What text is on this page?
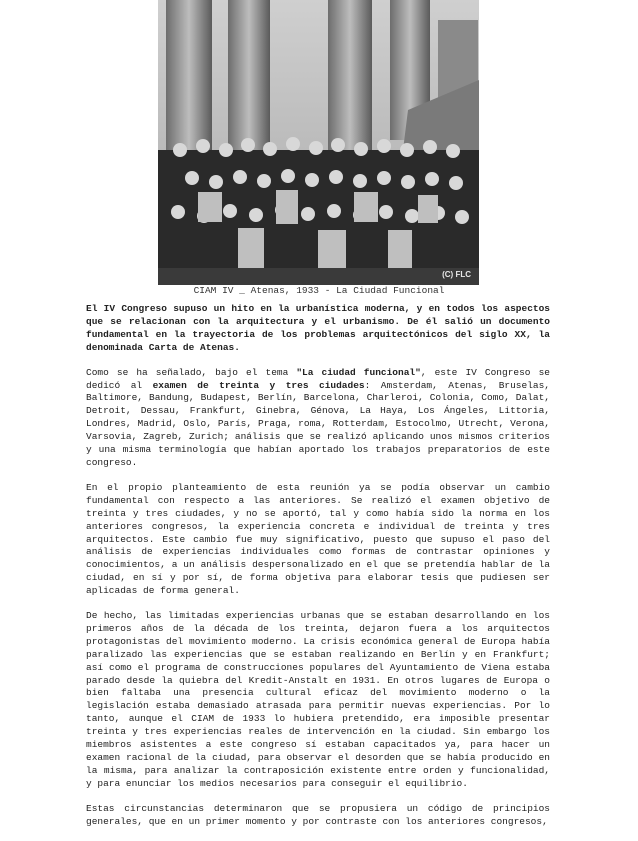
(C) FLC
CIAM IV _ Atenas, 1933 - La Ciudad Funcional

El IV Congreso supuso un hito en la urbanística moderna, y en todos los aspectos que se relacionan con la arquitectura y el urbanismo. De él salió un documento fundamental en la trayectoria de los problemas arquitectónicos del siglo XX, la denominada Carta de Atenas.

Como se ha señalado, bajo el tema "La ciudad funcional", este IV Congreso se dedicó al examen de treinta y tres ciudades: Amsterdam, Atenas, Bruselas, Baltimore, Bandung, Budapest, Berlín, Barcelona, Charleroi, Colonia, Como, Dalat, Detroit, Dessau, Frankfurt, Ginebra, Génova, La Haya, Los Ángeles, Littoria, Londres, Madrid, Oslo, París, Praga, roma, Rotterdam, Estocolmo, Utrecht, Verona, Varsovia, Zagreb, Zurich; análisis que se realizó aplicando unos mismos criterios y una misma terminología que habían aportado los trabajos preparatorios de este congreso.

En el propio planteamiento de esta reunión ya se podía observar un cambio fundamental con respecto a las anteriores. Se realizó el examen objetivo de treinta y tres ciudades, y no se aportó, tal y como había sido la norma en los anteriores congresos, la experiencia concreta e individual de treinta y tres arquitectos. Este cambio fue muy significativo, puesto que supuso el paso del análisis de experiencias individuales como formas de contrastar opiniones y conocimientos, a un análisis despersonalizado en el que se pretendía hablar de la ciudad, en sí y por sí, de forma objetiva para elaborar tesis que pudiesen ser aplicadas de forma general.

De hecho, las limitadas experiencias urbanas que se estaban desarrollando en los primeros años de la década de los treinta, dejaron fuera a los arquitectos protagonistas del movimiento moderno. La crisis económica general de Europa había paralizado las experiencias que se estaban realizando en Berlín y en Frankfurt; así como el programa de construcciones populares del Ayuntamiento de Viena estaba parado desde la quiebra del Kredit-Anstalt en 1931. En otros lugares de Europa o bien faltaba una presencia cultural eficaz del movimiento moderno o la legislación estaba demasiado atrasada para permitir nuevas experiencias. Por lo tanto, aunque el CIAM de 1933 lo hubiera pretendido, era imposible presentar treinta y tres experiencias reales de intervención en la ciudad. Sin embargo los miembros asistentes a este congreso sí estaban capacitados ya, para hacer un examen racional de la ciudad, para observar el desorden que se había producido en la misma, para analizar la contraposición existente entre orden y funcionalidad, y para enunciar los medios necesarios para conseguir el equilibrio.

Estas circunstancias determinaron que se propusiera un código de principios generales, que en un primer momento y por contraste con los anteriores congresos,
